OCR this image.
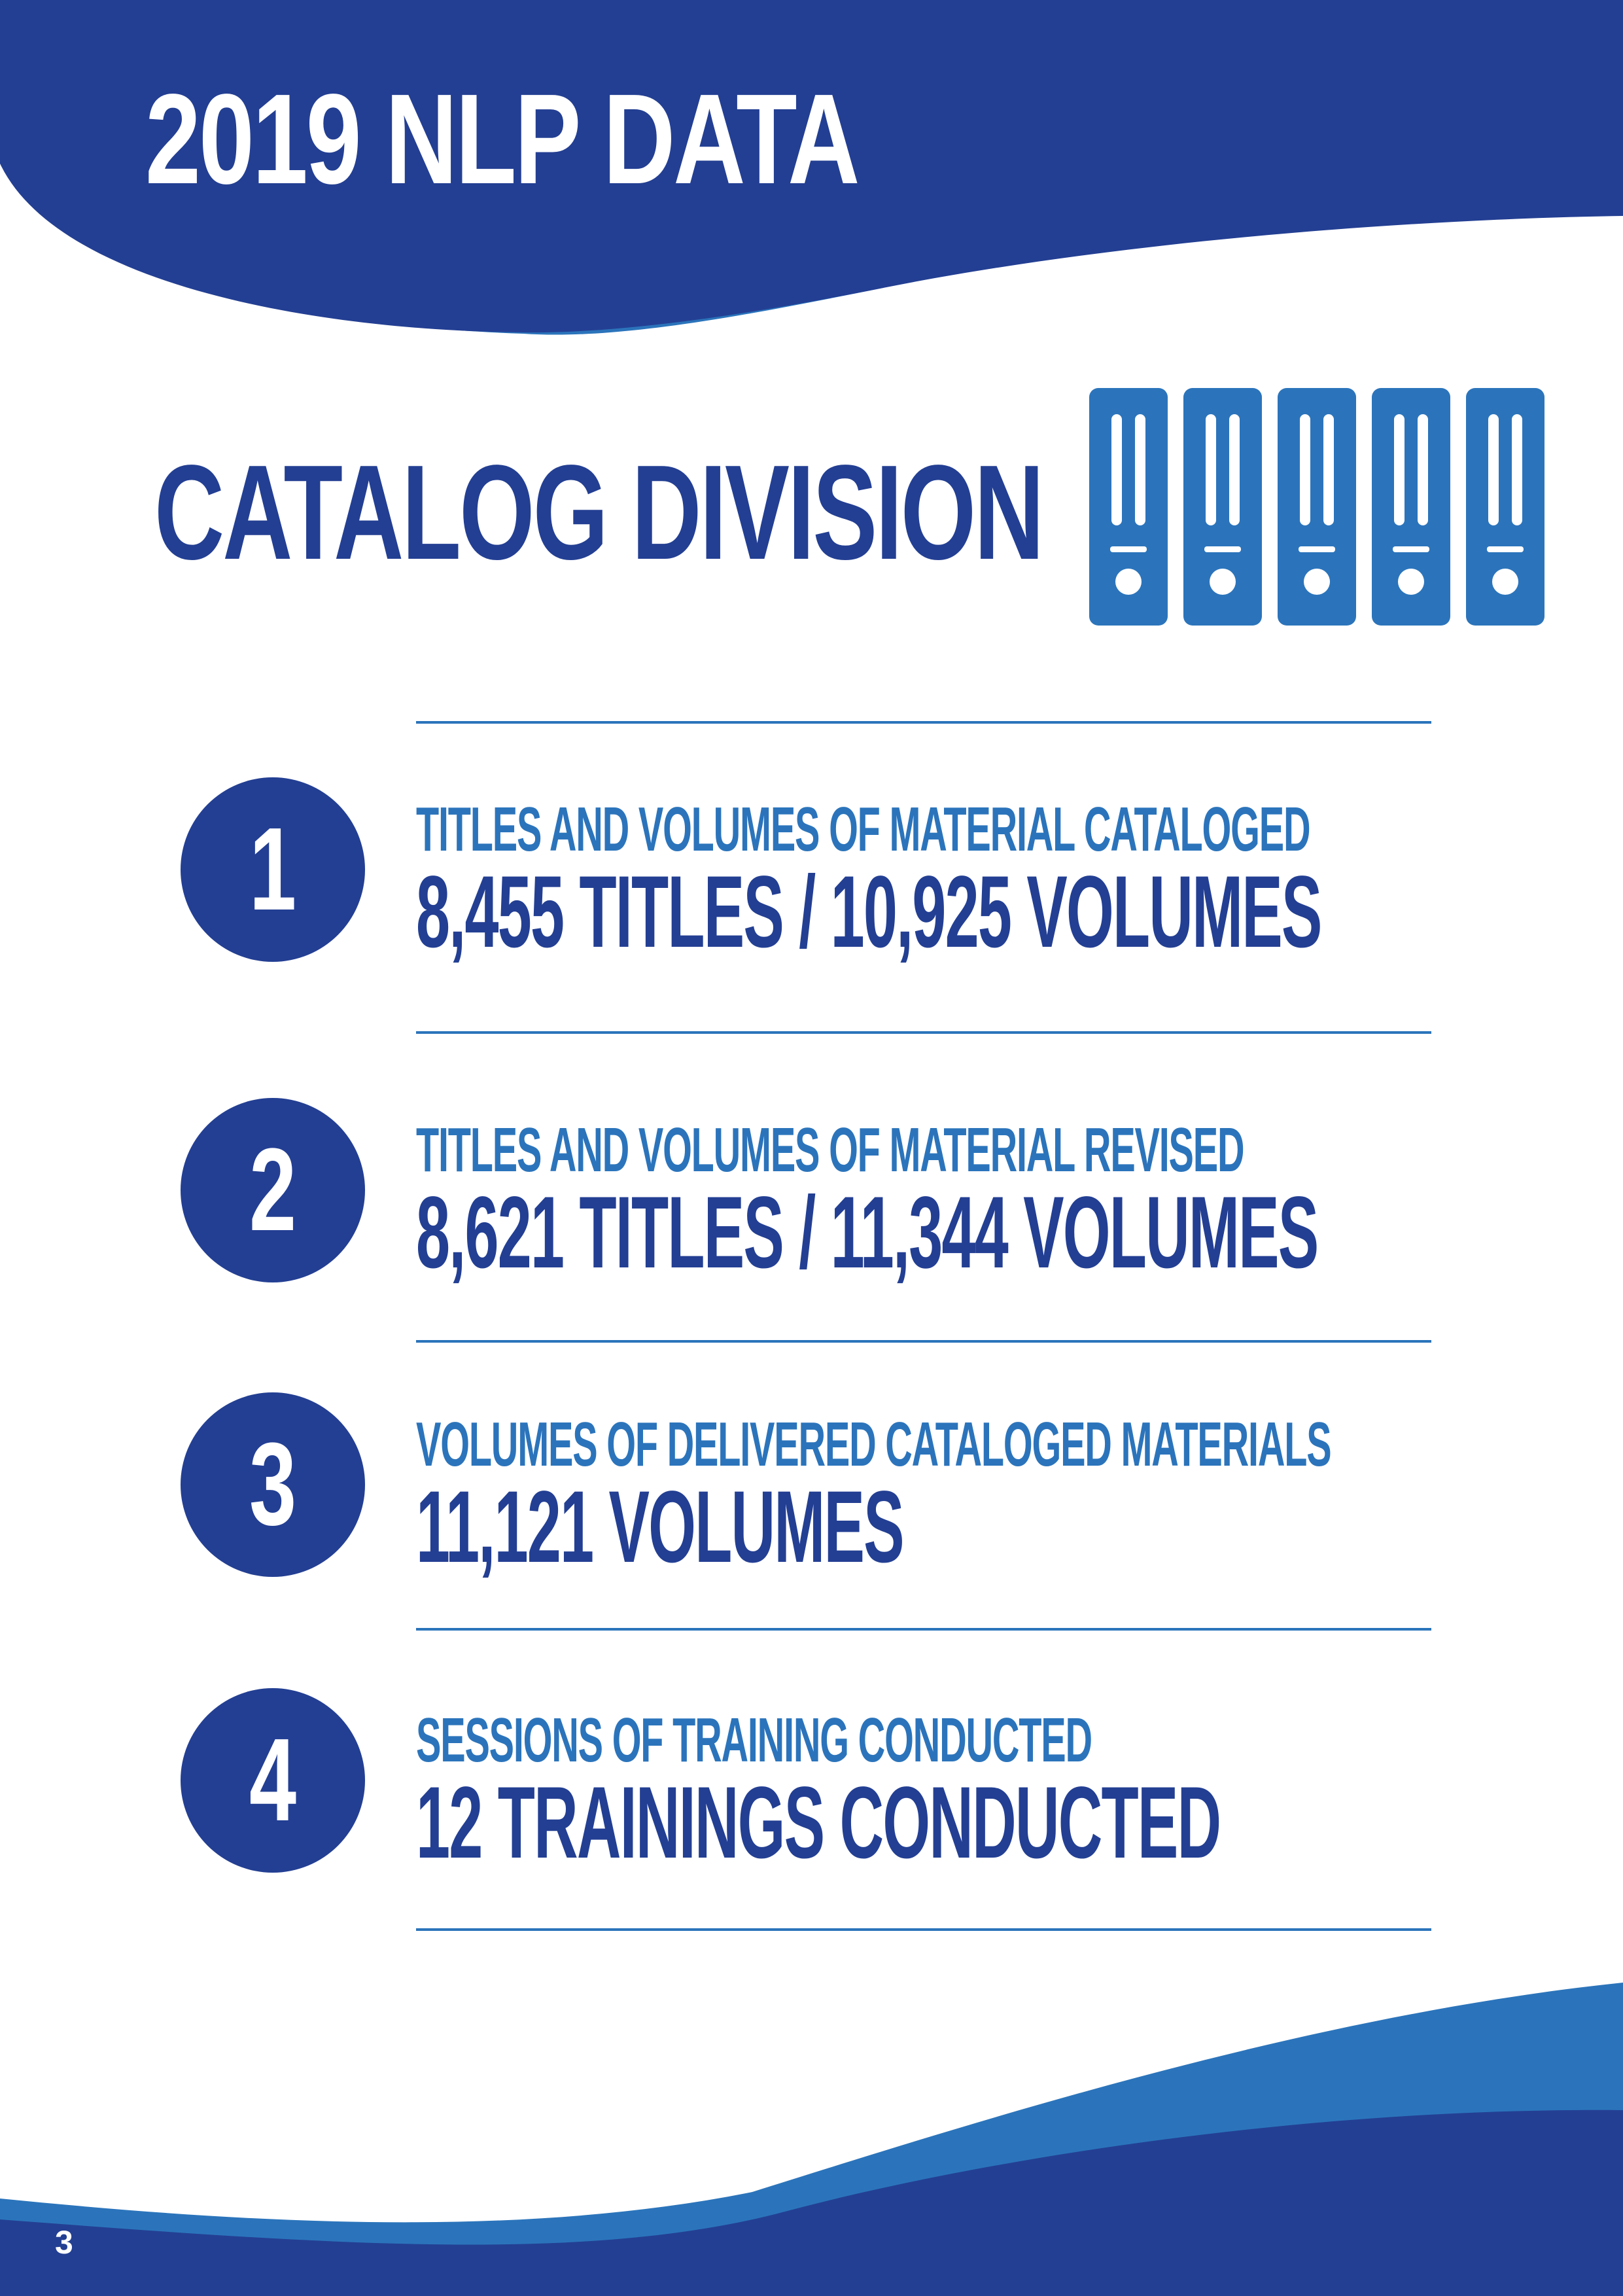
2019 NLP DATA
CATALOG DIVISION
1 TITLES AND VOLUMES OF MATERIAL CATALOGED
8,455 TITLES / 10,925 VOLUMES
2 TITLES AND VOLUMES OF MATERIAL REVISED
8,621 TITLES / 11,344 VOLUMES
3 VOLUMES OF DELIVERED CATALOGED MATERIALS
11,121 VOLUMES
4 SESSIONS OF TRAINING CONDUCTED
12 TRAININGS CONDUCTED
3
